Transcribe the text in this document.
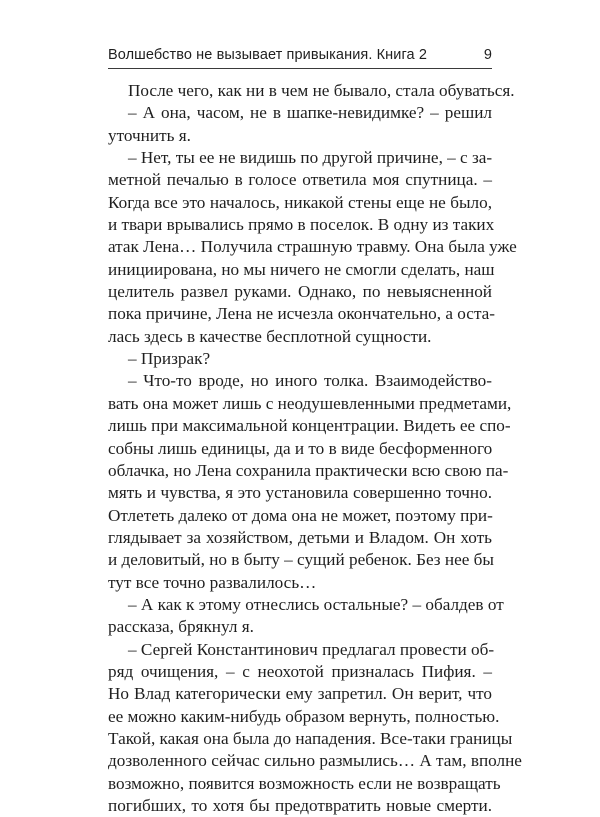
Волшебство не вызывает привыкания. Книга 2	9
После чего, как ни в чем не бывало, стала обуваться.
– А она, часом, не в шапке-невидимке? – решил
уточнить я.
– Нет, ты ее не видишь по другой причине, – с за-
метной печалью в голосе ответила моя спутница. –
Когда все это началось, никакой стены еще не было,
и твари врывались прямо в поселок. В одну из таких
атак Лена… Получила страшную травму. Она была уже
инициирована, но мы ничего не смогли сделать, наш
целитель развел руками. Однако, по невыясненной
пока причине, Лена не исчезла окончательно, а оста-
лась здесь в качестве бесплотной сущности.
– Призрак?
– Что-то вроде, но иного толка. Взаимодейство-
вать она может лишь с неодушевленными предметами,
лишь при максимальной концентрации. Видеть ее спо-
собны лишь единицы, да и то в виде бесформенного
облачка, но Лена сохранила практически всю свою па-
мять и чувства, я это установила совершенно точно.
Отлететь далеко от дома она не может, поэтому при-
глядывает за хозяйством, детьми и Владом. Он хоть
и деловитый, но в быту – сущий ребенок. Без нее бы
тут все точно развалилось…
– А как к этому отнеслись остальные? – обалдев от
рассказа, брякнул я.
– Сергей Константинович предлагал провести об-
ряд очищения, – с неохотой призналась Пифия. –
Но Влад категорически ему запретил. Он верит, что
ее можно каким-нибудь образом вернуть, полностью.
Такой, какая она была до нападения. Все-таки границы
дозволенного сейчас сильно размылись… А там, вполне
возможно, появится возможность если не возвращать
погибших, то хотя бы предотвратить новые смерти.
